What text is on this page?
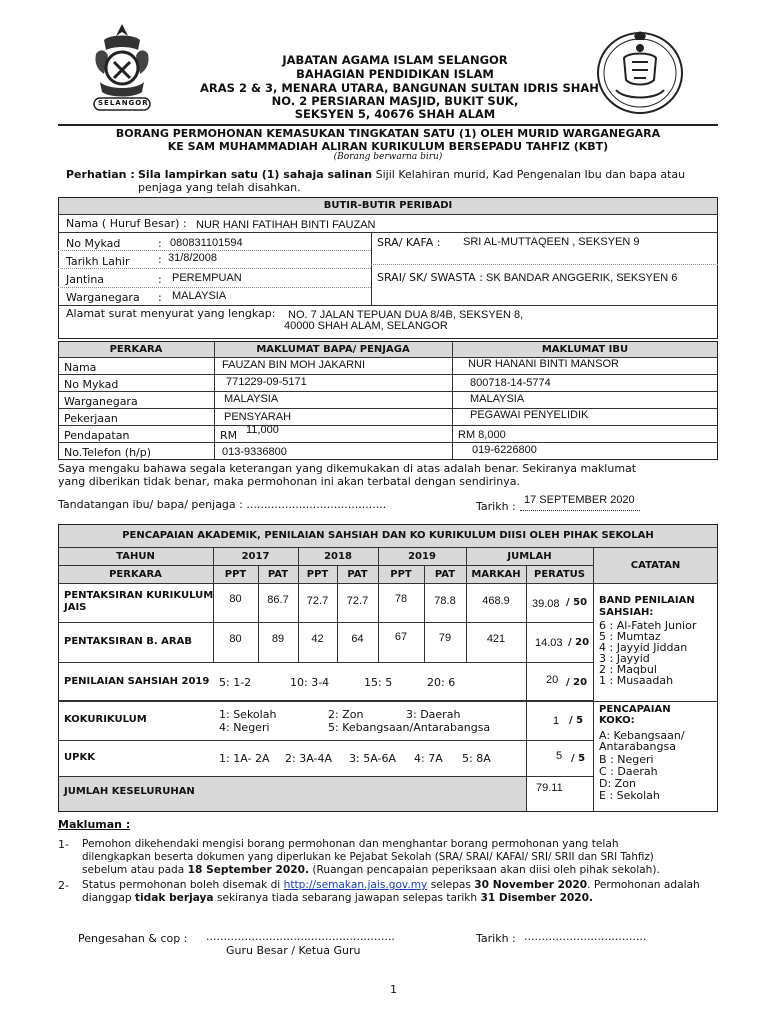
SELANGOR
JABATAN AGAMA ISLAM SELANGOR
BAHAGIAN PENDIDIKAN ISLAM
ARAS 2 & 3, MENARA UTARA, BANGUNAN SULTAN IDRIS SHAH
NO. 2 PERSIARAN MASJID, BUKIT SUK,
SEKSYEN 5, 40676 SHAH ALAM
BORANG PERMOHONAN KEMASUKAN TINGKATAN SATU (1) OLEH MURID WARGANEGARA
KE SAM MUHAMMADIAH ALIRAN KURIKULUM BERSEPADU TAHFIZ (KBT)
(Borang berwarna biru)
Perhatian : Sila lampirkan satu (1) sahaja salinan Sijil Kelahiran murid, Kad Pengenalan Ibu dan bapa atau
penjaga yang telah disahkan.
BUTIR-BUTIR PERIBADI
Nama ( Huruf Besar) : NUR HANI FATIHAH BINTI FAUZAN
No Mykad	: 080831101594
Tarikh Lahir	: 31/8/2008
Jantina	: PEREMPUAN
Warganegara : MALAYSIA
SRA/ KAFA : SRI AL-MUTTAQEEN , SEKSYEN 9
SRAI/ SK/ SWASTA : SK BANDAR ANGGERIK, SEKSYEN 6
Alamat surat menyurat yang lengkap: NO. 7 JALAN TEPUAN DUA 8/4B, SEKSYEN 8,
40000 SHAH ALAM, SELANGOR
PERKARA	MAKLUMAT BAPA/ PENJAGA	MAKLUMAT IBU
Nama	FAUZAN BIN MOH JAKARNI	NUR HANANI BINTI MANSOR
No Mykad	771229-09-5171	800718-14-5774
Warganegara	MALAYSIA	MALAYSIA
Pekerjaan	PENSYARAH	PEGAWAI PENYELIDIK
Pendapatan	RM 11,000	RM 8,000
No.Telefon (h/p)	013-9336800	019-6226800
Saya mengaku bahawa segala keterangan yang dikemukakan di atas adalah benar. Sekiranya maklumat
yang diberikan tidak benar, maka permohonan ini akan terbatal dengan sendirinya.
Tandatangan ibu/ bapa/ penjaga : ........................................	Tarikh : 17 SEPTEMBER 2020
PENCAPAIAN AKADEMIK, PENILAIAN SAHSIAH DAN KO KURIKULUM DIISI OLEH PIHAK SEKOLAH
TAHUN
PERKARA
2017	2018	2019	JUMLAH
CATATAN
PPT	PAT	PPT	PAT	PPT	PAT	MARKAH	PERATUS
PENTAKSIRAN KURIKULUM
JAIS
80	86.7	72.7	72.7	78	78.8	468.9	39.08 / 50
PENTAKSIRAN B. ARAB	80	89	42	64	67	79	421	14.03 / 20
PENILAIAN SAHSIAH 2019 5: 1-2	10: 3-4	15: 5	20: 6	20 / 20
KOKURIKULUM	1: Sekolah	2: Zon	3: Daerah
4: Negeri	5: Kebangsaan/Antarabangsa	1 / 5
UPKK	1: 1A- 2A 2: 3A-4A 3: 5A-6A 4: 7A 5: 8A	5 / 5
JUMLAH KESELURUHAN	79.11
BAND PENILAIAN
SAHSIAH:
6 : Al-Fateh Junior
5 : Mumtaz
4 : Jayyid Jiddan
3 : Jayyid
2 : Maqbul
1 : Musaadah
PENCAPAIAN
KOKO:
A: Kebangsaan/
Antarabangsa
B : Negeri
C : Daerah
D: Zon
E : Sekolah
Makluman :
1- Pemohon dikehendaki mengisi borang permohonan dan menghantar borang permohonan yang telah
dilengkapkan beserta dokumen yang diperlukan ke Pejabat Sekolah (SRA/ SRAI/ KAFAI/ SRI/ SRII dan SRI Tahfiz)
sebelum atau pada 18 September 2020. (Ruangan pencapaian peperiksaan akan diisi oleh pihak sekolah).
2- Status permohonan boleh disemak di http://semakan.jais.gov.my selepas 30 November 2020. Permohonan adalah
dianggap tidak berjaya sekiranya tiada sebarang jawapan selepas tarikh 31 Disember 2020.
Pengesahan & cop : ......................................................
Guru Besar / Ketua Guru
Tarikh : ...................................
1
